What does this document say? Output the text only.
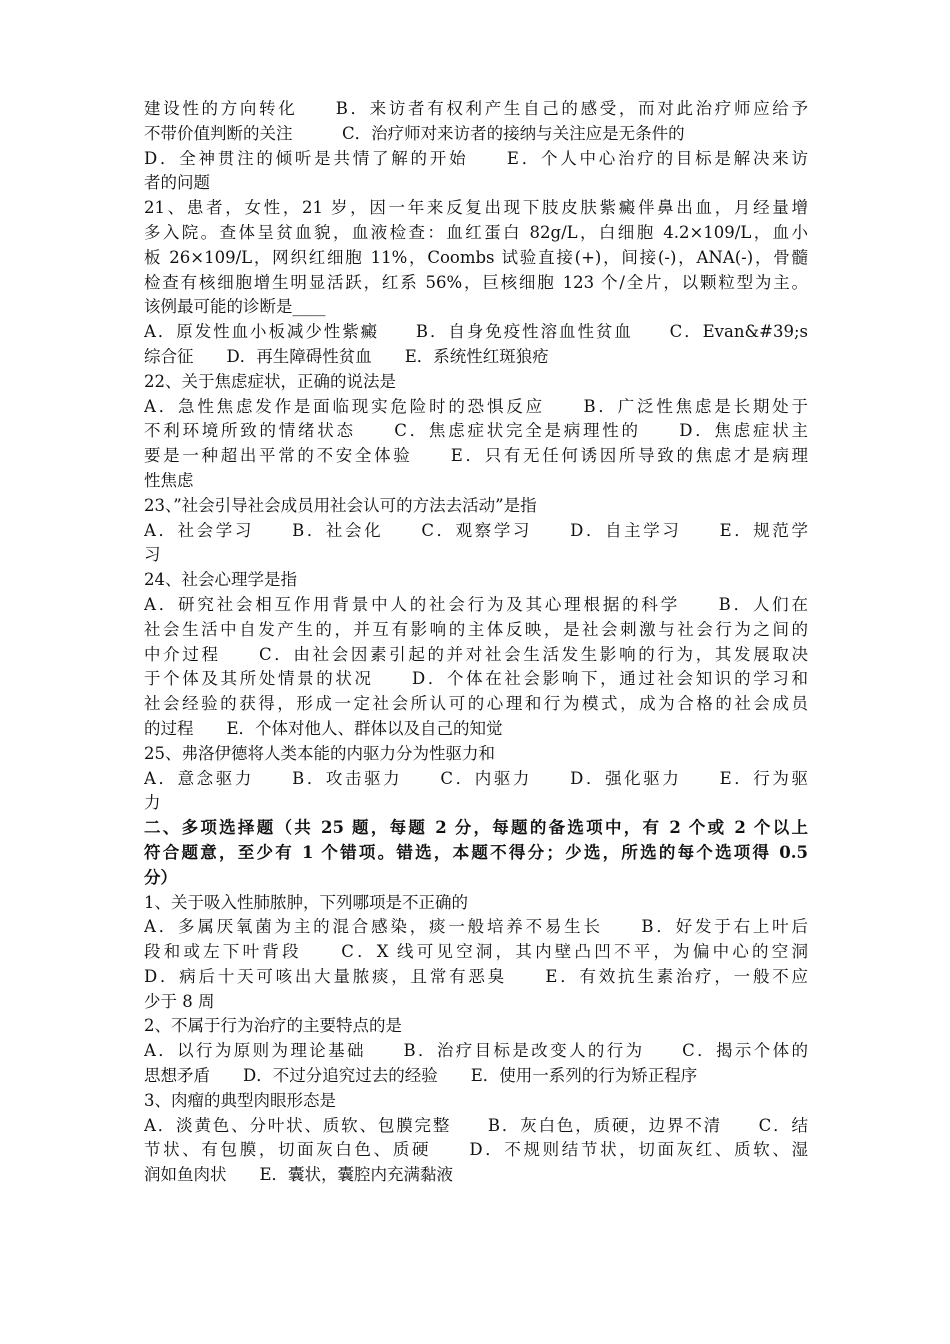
建设性的方向转化　　B．来访者有权利产生自己的感受，而对此治疗师应给予
不带价值判断的关注　　　C．治疗师对来访者的接纳与关注应是无条件的
D．全神贯注的倾听是共情了解的开始　　E．个人中心治疗的目标是解决来访
者的问题
21、患者，女性，21 岁，因一年来反复出现下肢皮肤紫癜伴鼻出血，月经量增
多入院。查体呈贫血貌，血液检查：血红蛋白 82g/L，白细胞 4.2×109/L，血小
板 26×109/L，网织红细胞 11%，Coombs 试验直接(+)，间接(-)，ANA(-)，骨髓
检查有核细胞增生明显活跃，红系 56%，巨核细胞 123 个/全片，以颗粒型为主。
该例最可能的诊断是____
A．原发性血小板减少性紫癜　　B．自身免疫性溶血性贫血　　C．Evan&#39;s
综合征　　D．再生障碍性贫血　　E．系统性红斑狼疮
22、关于焦虑症状，正确的说法是
A．急性焦虑发作是面临现实危险时的恐惧反应　　B．广泛性焦虑是长期处于
不利环境所致的情绪状态　　C．焦虑症状完全是病理性的　　D．焦虑症状主
要是一种超出平常的不安全体验　　E．只有无任何诱因所导致的焦虑才是病理
性焦虑
23、”社会引导社会成员用社会认可的方法去活动”是指
A．社会学习　　B．社会化　　C．观察学习　　D．自主学习　　E．规范学
习
24、社会心理学是指
A．研究社会相互作用背景中人的社会行为及其心理根据的科学　　B．人们在
社会生活中自发产生的，并互有影响的主体反映，是社会刺激与社会行为之间的
中介过程　　C．由社会因素引起的并对社会生活发生影响的行为，其发展取决
于个体及其所处情景的状况　　D．个体在社会影响下，通过社会知识的学习和
社会经验的获得，形成一定社会所认可的心理和行为模式，成为合格的社会成员
的过程　　E．个体对他人、群体以及自己的知觉
25、弗洛伊德将人类本能的内驱力分为性驱力和
A．意念驱力　　B．攻击驱力　　C．内驱力　　D．强化驱力　　E．行为驱
力
二、多项选择题（共 25 题，每题 2 分，每题的备选项中，有 2 个或 2 个以上
符合题意，至少有 1 个错项。错选，本题不得分；少选，所选的每个选项得 0.5
分）
1、关于吸入性肺脓肿，下列哪项是不正确的
A．多属厌氧菌为主的混合感染，痰一般培养不易生长　　B．好发于右上叶后
段和或左下叶背段　　C．X 线可见空洞，其内壁凸凹不平，为偏中心的空洞
D．病后十天可咳出大量脓痰，且常有恶臭　　E．有效抗生素治疗，一般不应
少于 8 周
2、不属于行为治疗的主要特点的是
A．以行为原则为理论基础　　B．治疗目标是改变人的行为　　C．揭示个体的
思想矛盾　　D．不过分追究过去的经验　　E．使用一系列的行为矫正程序
3、肉瘤的典型肉眼形态是
A．淡黄色、分叶状、质软、包膜完整　　B．灰白色，质硬，边界不清　　C．结
节状、有包膜，切面灰白色、质硬　　D．不规则结节状，切面灰红、质软、湿
润如鱼肉状　　E．囊状，囊腔内充满黏液
